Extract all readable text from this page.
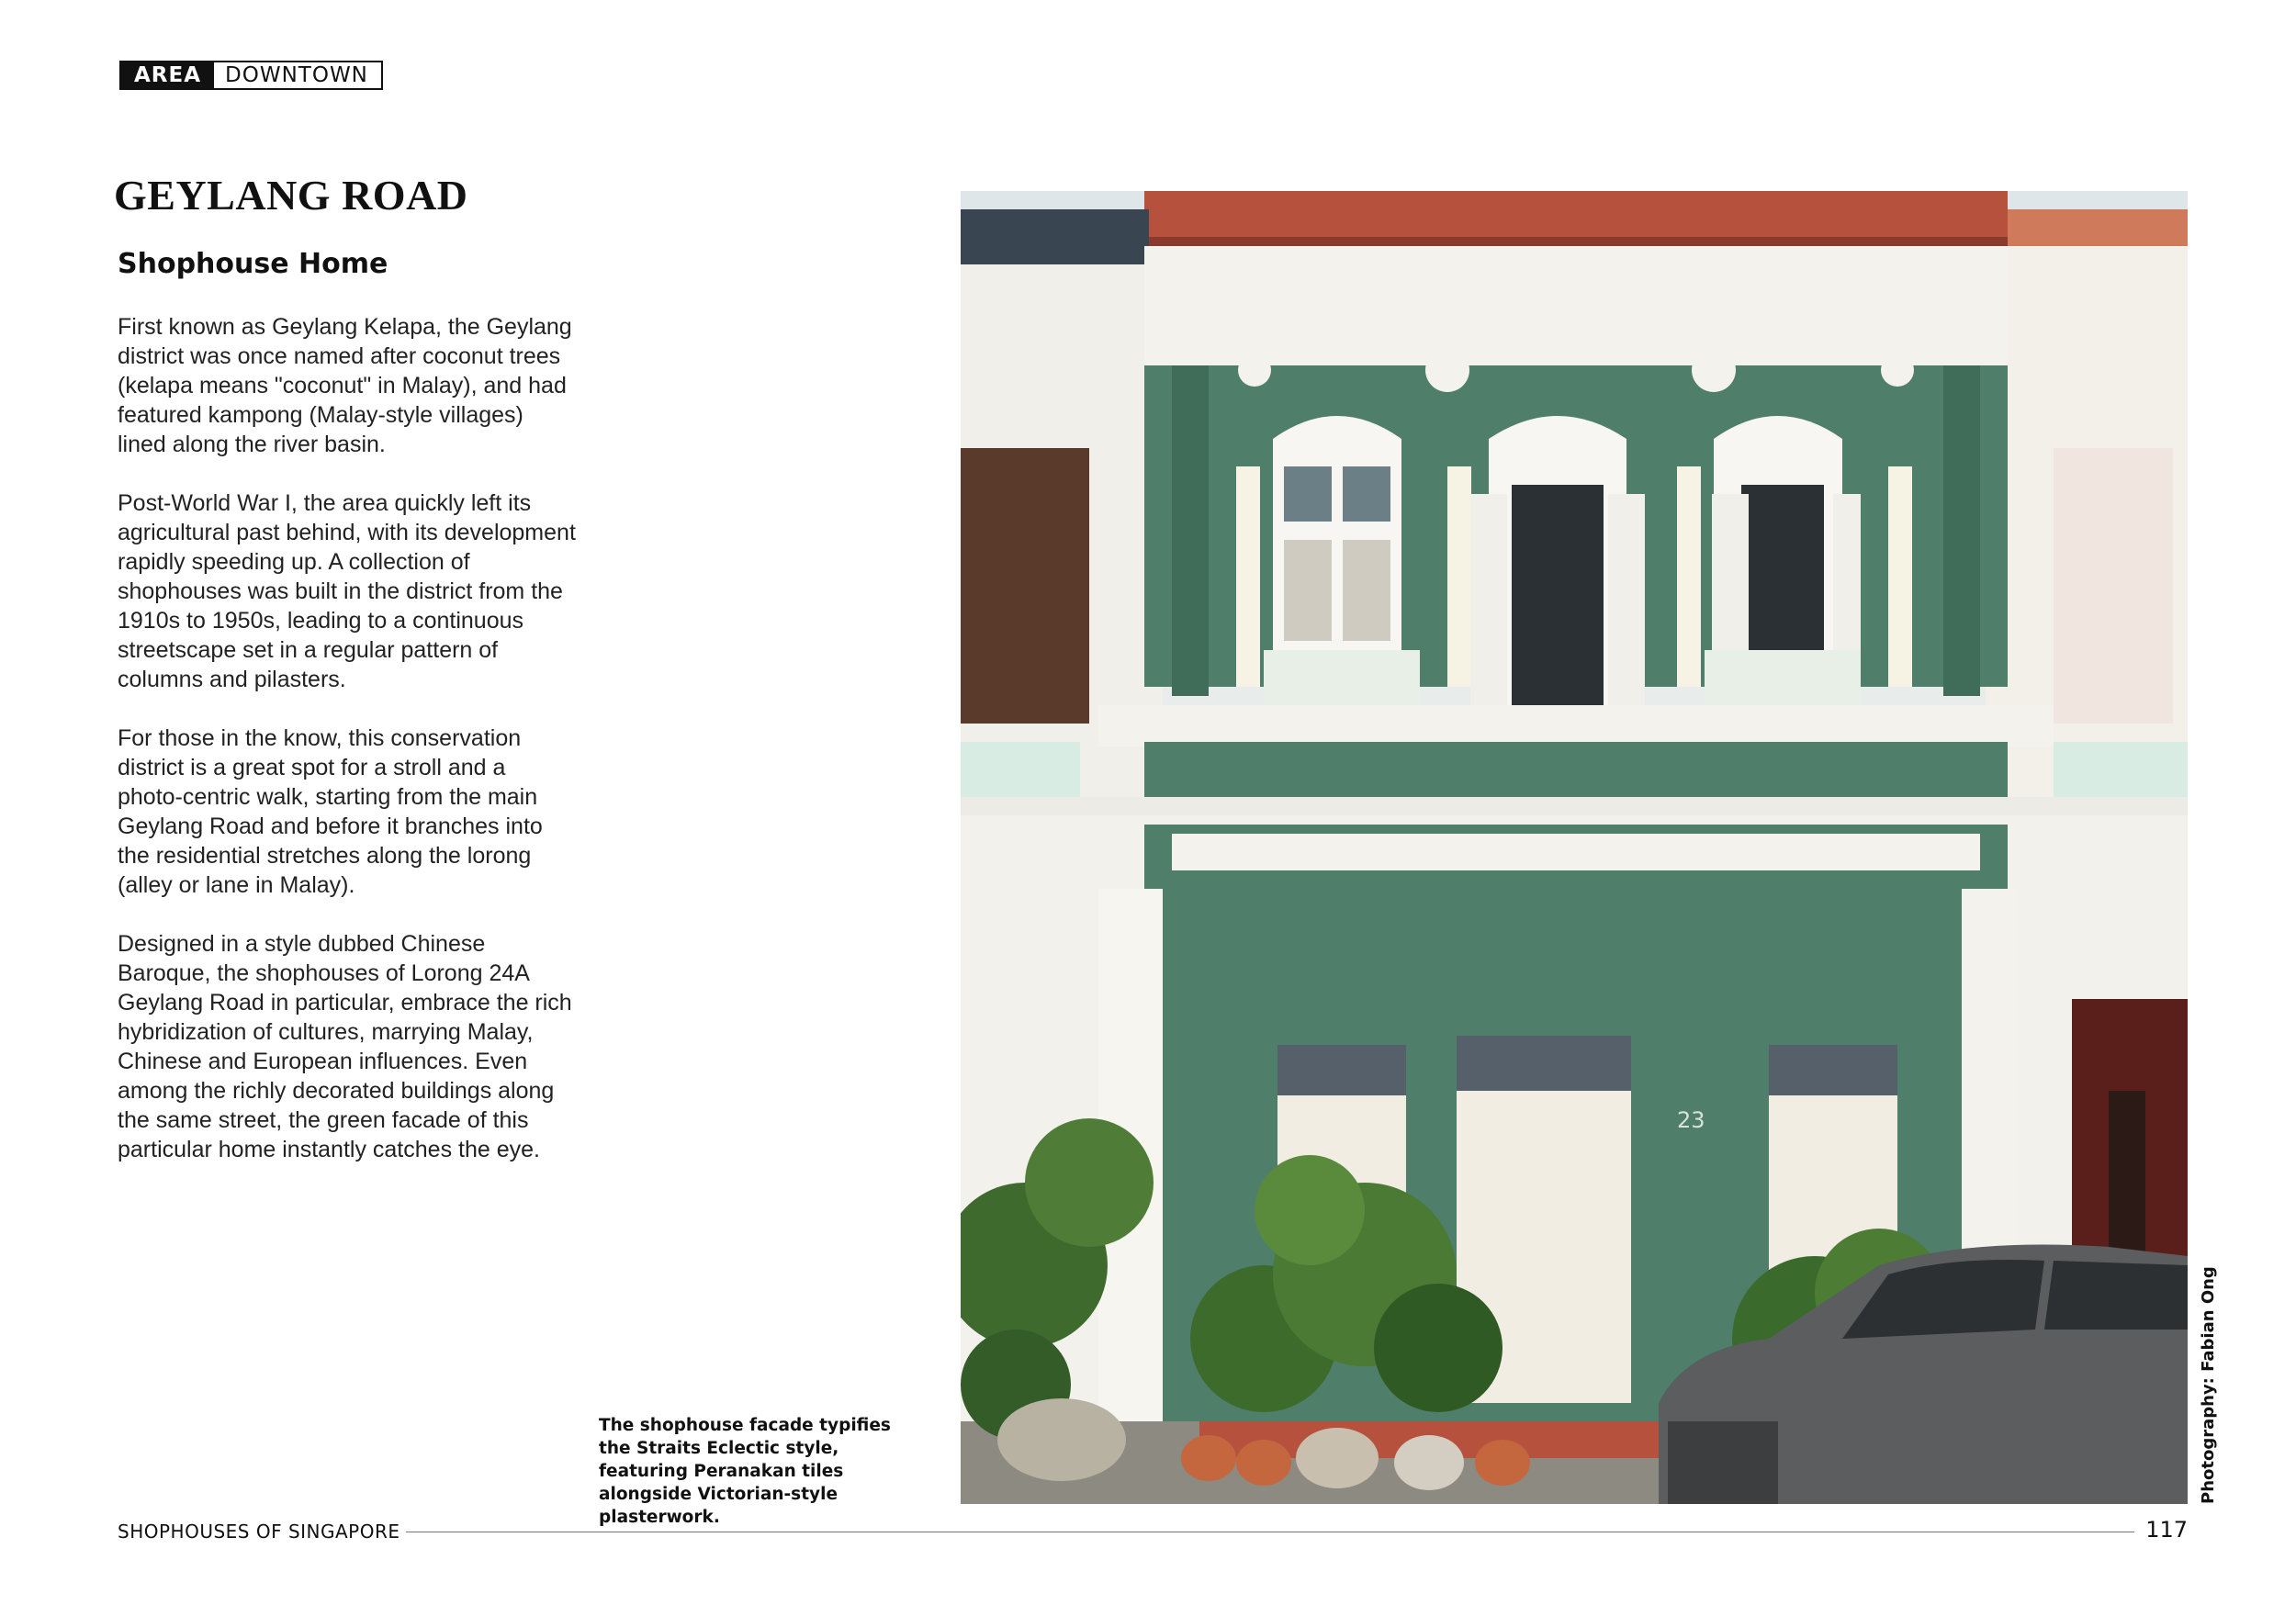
AREA	DOWNTOWN
GEYLANG ROAD
Shophouse Home

First known as Geylang Kelapa, the Geylang district was once named after coconut trees (kelapa means "coconut" in Malay), and had featured kampong (Malay-style villages) lined along the river basin.

Post-World War I, the area quickly left its agricultural past behind, with its development rapidly speeding up. A collection of shophouses was built in the district from the 1910s to 1950s, leading to a continuous streetscape set in a regular pattern of columns and pilasters.

For those in the know, this conservation district is a great spot for a stroll and a photo-centric walk, starting from the main Geylang Road and before it branches into the residential stretches along the lorong (alley or lane in Malay).

Designed in a style dubbed Chinese Baroque, the shophouses of Lorong 24A Geylang Road in particular, embrace the rich hybridization of cultures, marrying Malay, Chinese and European influences. Even among the richly decorated buildings along the same street, the green facade of this particular home instantly catches the eye.

The shophouse facade typifies the Straits Eclectic style, featuring Peranakan tiles alongside Victorian-style plasterwork.
23
Photography: Fabian Ong
SHOPHOUSES OF SINGAPORE	117
